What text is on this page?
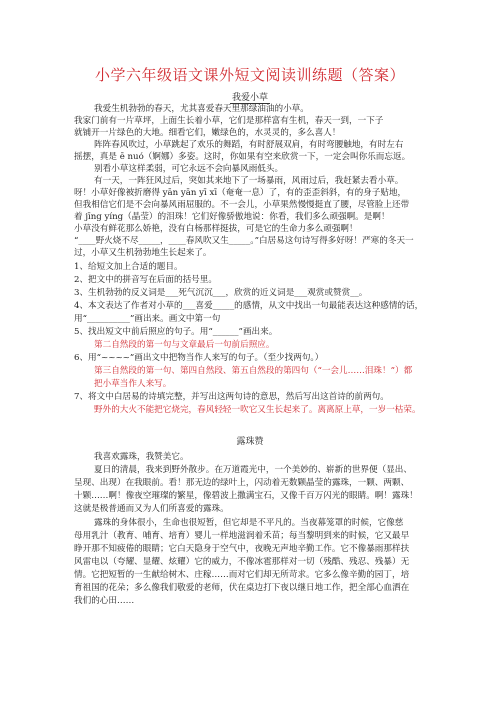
小学六年级语文课外短文阅读训练题（答案）
我爱小草
我爱生机勃勃的春天，尤其喜爱春天里那绿油油的小草。
我家门前有一片草坪，上面生长着小草，它们是那样富有生机，春天一到，一下子
就铺开一片绿色的大地。细看它们，嫩绿色的，水灵灵的，多么喜人！
阵阵春风吹过，小草跳起了欢乐的舞蹈，有时舒展双肩，有时弯腰触地，有时左右
摇摆，真是 ē nuó（婀娜）多姿。这时，你如果有空来欣赏一下，一定会叫你乐而忘返。
别看小草这样柔弱，可它永远不会向暴风雨低头。
有一天，一阵狂风过后，突如其来地下了一场暴雨，风雨过后，我赶紧去看小草。
呀！小草好像被折磨得 yān yān yī xī（奄奄一息）了，有的歪歪斜斜，有的身子贴地，
但我相信它们是不会向暴风雨屈服的。不一会儿，小草果然慢慢挺直了腰，尽管脸上还带
着 jīng yíng（晶莹）的泪珠！它们好像骄傲地说：你看，我们多么顽强啊。是啊！
小草没有鲜花那么娇艳，没有白杨那样挺拔，可是它的生命力多么顽强啊！
“____野火烧不尽_____，____春风吹又生_____。”白居易这句诗写得多好呀！严寒的冬天一
过，小草又生机勃勃地生长起来了。
1、给短文加上合适的题目。
2、把文中的拼音写在后面的括号里。
3、生机勃勃的反义词是___死气沉沉___，欣赏的近义词是___观赏或赞赏__。
4、本文表达了作者对小草的___喜爱_____的感情，从文中找出一句最能表达这种感情的话，
用“__________”画出来。画文中第一句
5、找出短文中前后照应的句子。用“______”画出来。
第二自然段的第一句与文章最后一句前后照应。
6、用“~~~~”画出文中把物当作人来写的句子。（至少找两句。）
第三自然段的第一句、第四自然段、第五自然段的第四句（“一会儿……泪珠！”）都
把小草当作人来写。
7、将文中白居易的诗填完整，并写出这两句诗的意思，然后写出这首诗的前两句。
野外的大火不能把它烧完，春风轻轻一吹它又生长起来了。离离原上草，一岁一枯荣。
露珠赞
我喜欢露珠，我赞美它。
夏日的清晨，我来到野外散步。在万道霞光中，一个美妙的、崭新的世界便（显出、
呈现、出现）在我眼前。看！那无边的绿叶上，闪动着无数颗晶莹的露珠，一颗、两颗、
十颗……啊！像夜空璀璨的繁星，像碧波上撒满宝石，又像千百万闪光的眼睛。啊！露珠！
这就是极普通而又为人们所喜爱的露珠。
露珠的身体很小，生命也很短暂，但它却是不平凡的。当夜幕笼罩的时候，它像慈
母用乳汁（教育、哺育、培育）婴儿一样地滋润着禾苗；每当黎明到来的时候，它又最早
睁开那不知疲倦的眼睛；它白天隐身于空气中，夜晚无声地辛勤工作。它不像暴雨那样扶
风雷电以（夸耀、显耀、炫耀）它的威力，不像冰雹那样对一切（残酷、残忍、残暴）无
情。它把短暂的一生献给树木、庄稼……而对它们却无所苛求。它多么像辛勤的园丁，培
育祖国的花朵；多么像我们敬爱的老师，伏在桌边打下夜以继日地工作，把全部心血洒在
我们的心田……
